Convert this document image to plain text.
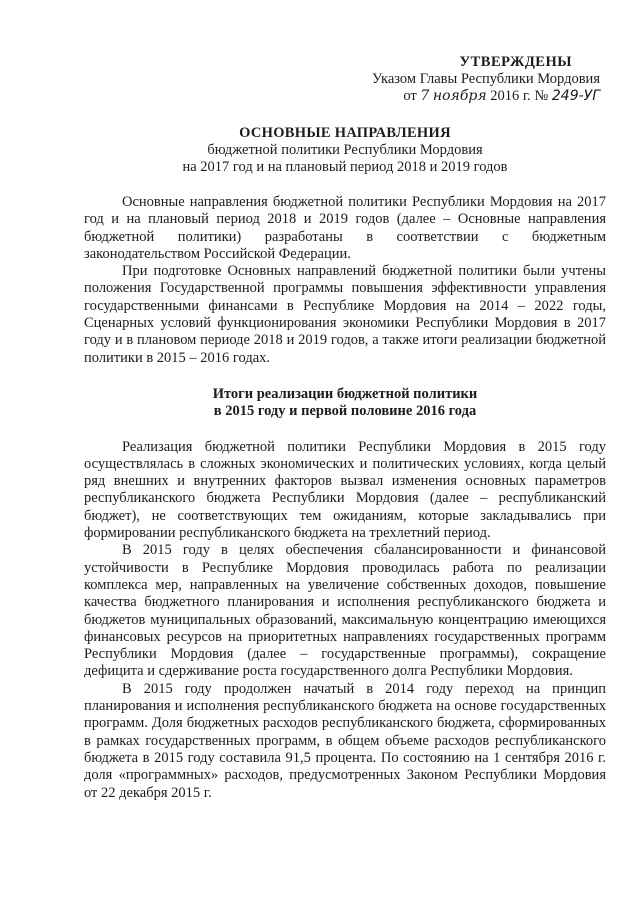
УТВЕРЖДЕНЫ
Указом Главы Республики Мордовия
от 7 ноября 2016 г. № 249-УГ
ОСНОВНЫЕ НАПРАВЛЕНИЯ
бюджетной политики Республики Мордовия
на 2017 год и на плановый период 2018 и 2019 годов

Основные направления бюджетной политики Республики Мордовия на 2017 год и на плановый период 2018 и 2019 годов (далее – Основные направления бюджетной политики) разработаны в соответствии с бюджетным законодательством Российской Федерации.

При подготовке Основных направлений бюджетной политики были учтены положения Государственной программы повышения эффективности управления государственными финансами в Республике Мордовия на 2014 – 2022 годы, Сценарных условий функционирования экономики Республики Мордовия в 2017 году и в плановом периоде 2018 и 2019 годов, а также итоги реализации бюджетной политики в 2015 – 2016 годах.

Итоги реализации бюджетной политики
в 2015 году и первой половине 2016 года

Реализация бюджетной политики Республики Мордовия в 2015 году осуществлялась в сложных экономических и политических условиях, когда целый ряд внешних и внутренних факторов вызвал изменения основных параметров республиканского бюджета Республики Мордовия (далее – республиканский бюджет), не соответствующих тем ожиданиям, которые закладывались при формировании республиканского бюджета на трехлетний период.

В 2015 году в целях обеспечения сбалансированности и финансовой устойчивости в Республике Мордовия проводилась работа по реализации комплекса мер, направленных на увеличение собственных доходов, повышение качества бюджетного планирования и исполнения республиканского бюджета и бюджетов муниципальных образований, максимальную концентрацию имеющихся финансовых ресурсов на приоритетных направлениях государственных программ Республики Мордовия (далее – государственные программы), сокращение дефицита и сдерживание роста государственного долга Республики Мордовия.

В 2015 году продолжен начатый в 2014 году переход на принцип планирования и исполнения республиканского бюджета на основе государственных программ. Доля бюджетных расходов республиканского бюджета, сформированных в рамках государственных программ, в общем объеме расходов республиканского бюджета в 2015 году составила 91,5 процента. По состоянию на 1 сентября 2016 г. доля «программных» расходов, предусмотренных Законом Республики Мордовия от 22 декабря 2015 г.
